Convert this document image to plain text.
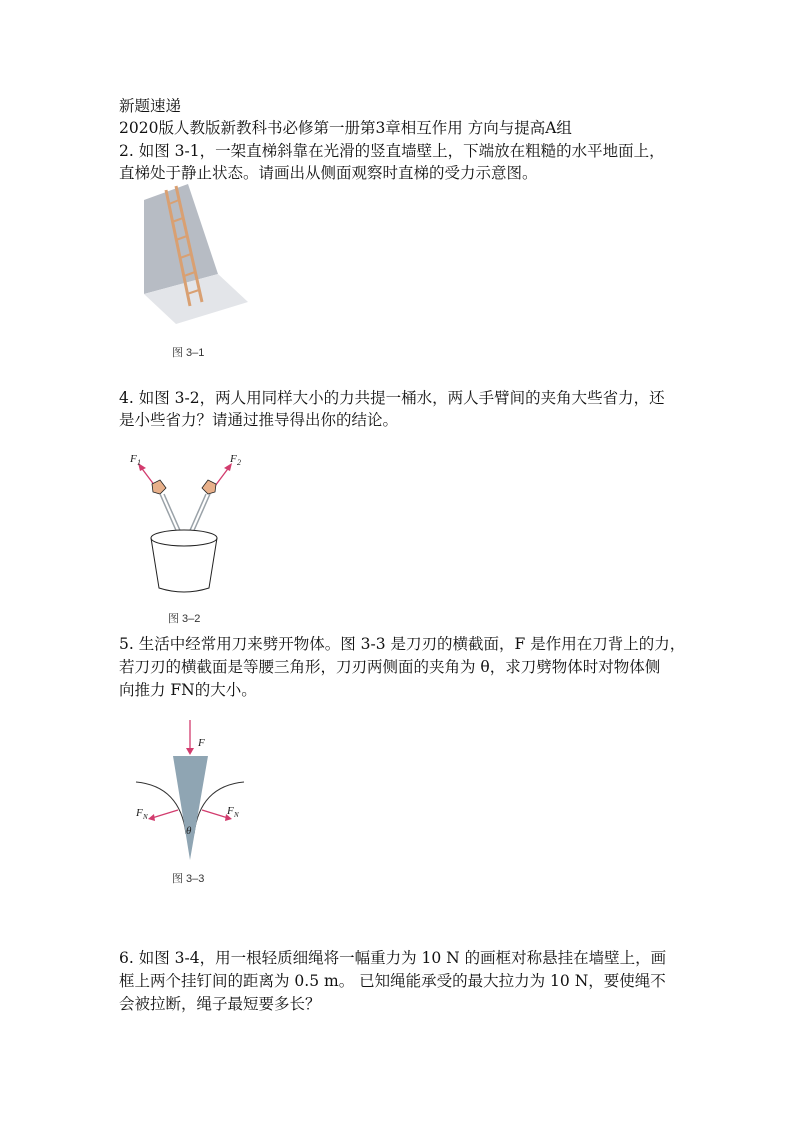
新题速递
2020版人教版新教科书必修第一册第3章相互作用 方向与提高A组
2. 如图 3-1，一架直梯斜靠在光滑的竖直墙壁上，下端放在粗糙的水平地面上，
直梯处于静止状态。请画出从侧面观察时直梯的受力示意图。
图 3–1
4. 如图 3-2，两人用同样大小的力共提一桶水，两人手臂间的夹角大些省力，还
是小些省力？请通过推导得出你的结论。
F 1	F 2
图 3–2
5. 生活中经常用刀来劈开物体。图 3-3 是刀刃的横截面，F 是作用在刀背上的力，
若刀刃的横截面是等腰三角形，刀刃两侧面的夹角为 θ，求刀劈物体时对物体侧
向推力 FN的大小。
F
F N	F N
θ
图 3–3
6. 如图 3-4，用一根轻质细绳将一幅重力为 10 N 的画框对称悬挂在墙壁上，画
框上两个挂钉间的距离为 0.5 m。 已知绳能承受的最大拉力为 10 N，要使绳不
会被拉断，绳子最短要多长？
